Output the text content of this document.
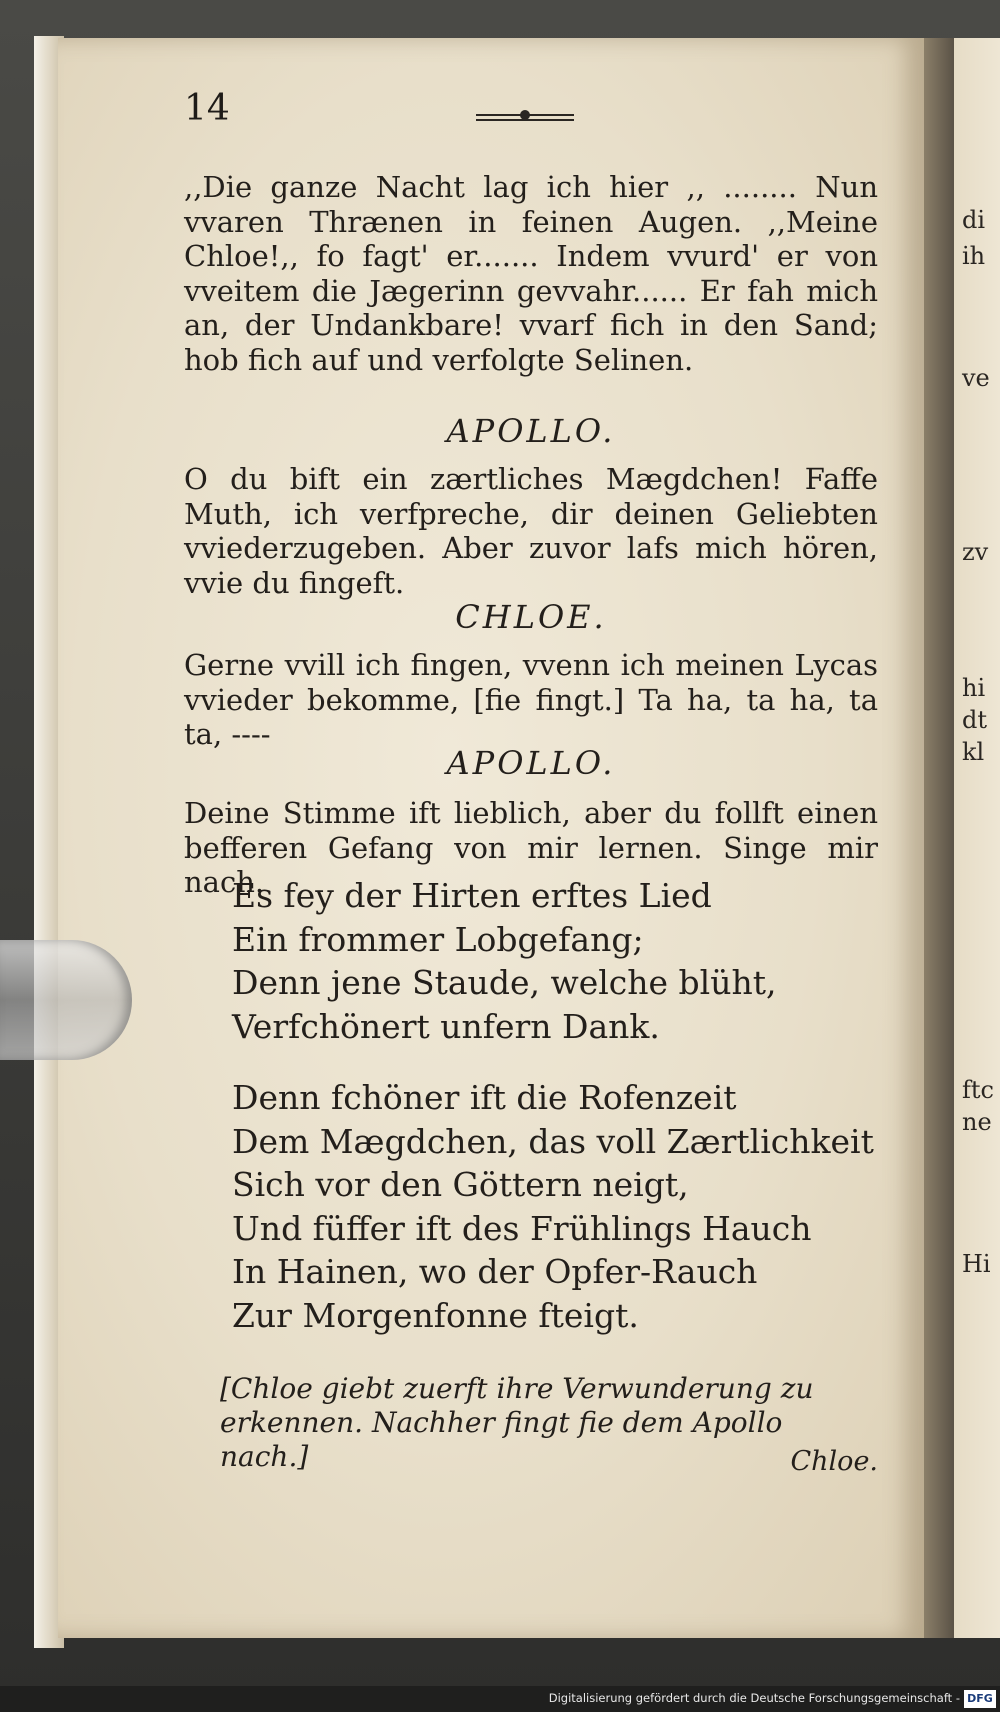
di
ih
ve
zv
hi
dt
kl
ftc
ne
Hi
14

,,Die ganze Nacht lag ich hier ,, ........ Nun vvaren Thrænen in feinen Augen. ,,Meine Chloe!,, fo fagt' er....... Indem vvurd' er von vveitem die Jægerinn gevvahr...... Er fah mich an, der Undankbare! vvarf fich in den Sand; hob fich auf und verfolgte Selinen.

APOLLO.

O du bift ein zærtliches Mægdchen! Faffe Muth, ich verfpreche, dir deinen Geliebten vviederzugeben. Aber zuvor lafs mich hören, vvie du fingeft.

CHLOE.

Gerne vvill ich fingen, vvenn ich meinen Lycas vvieder bekomme, [fie fingt.] Ta ha, ta ha, ta ta, ----

APOLLO.

Deine Stimme ift lieblich, aber du follft einen befferen Gefang von mir lernen. Singe mir nach.

Es fey der Hirten erftes Lied

Ein frommer Lobgefang;

Denn jene Staude, welche blüht,

Verfchönert unfern Dank.

Denn fchöner ift die Rofenzeit

Dem Mægdchen, das voll Zærtlichkeit

Sich vor den Göttern neigt,

Und füffer ift des Frühlings Hauch

In Hainen, wo der Opfer-Rauch

Zur Morgenfonne fteigt.

[Chloe giebt zuerft ihre Verwunderung zu erkennen. Nachher fingt fie dem Apollo nach.]	Chloe.

Digitalisierung gefördert durch die Deutsche Forschungsgemeinschaft - DFG
